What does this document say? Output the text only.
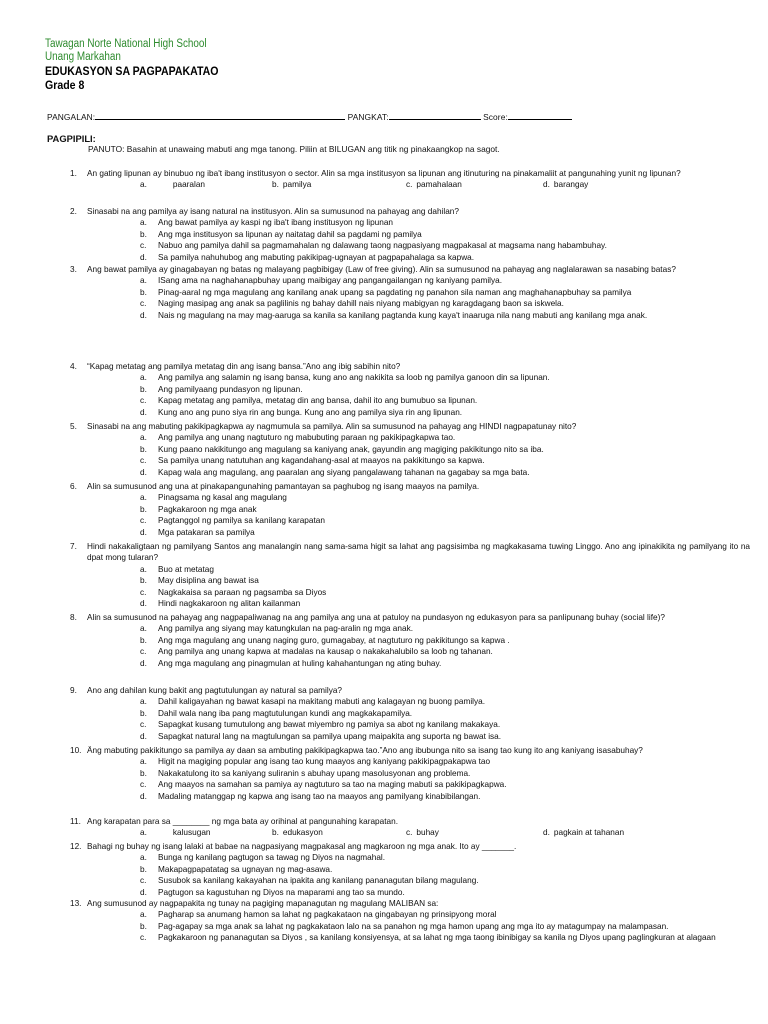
Tawagan Norte National High School
Unang Markahan
EDUKASYON SA PAGPAPAKATAO
Grade 8
PANGALAN:	PANGKAT:	Score:
PAGPIPILI:
PANUTO: Basahin at unawaing mabuti ang mga tanong. Piliin at BILUGAN ang titik ng pinakaangkop na sagot.
1. An gating lipunan ay binubuo ng iba't ibang institusyon o sector. Alin sa mga institusyon sa lipunan ang itinuturing na pinakamaliit at pangunahing yunit ng lipunan?
a.	paaralan	b. pamilya	c. pamahalaan	d. barangay
2. Sinasabi na ang pamilya ay isang natural na institusyon. Alin sa sumusunod na pahayag ang dahilan?
a. Ang bawat pamilya ay kaspi ng iba't ibang institusyon ng lipunan
b. Ang mga institusyon sa lipunan ay naitatag dahil sa pagdami ng pamilya
c. Nabuo ang pamilya dahil sa pagmamahalan ng dalawang taong nagpasiyang magpakasal at magsama nang habambuhay.
d. Sa pamilya nahuhubog ang mabuting pakikipag-ugnayan at pagpapahalaga sa kapwa.
3. Ang bawat pamilya ay ginagabayan ng batas ng malayang pagbibigay (Law of free giving). Alin sa sumusunod na pahayag ang naglalarawan sa nasabing batas?
a. ISang ama na naghahanapbuhay upang maibigay ang pangangailangan ng kaniyang pamilya.
b. Pinag-aaral ng mga magulang ang kanilang anak upang sa pagdating ng panahon sila naman ang maghahanapbuhay sa pamilya
c. Naging masipag ang anak sa paglilinis ng bahay dahill nais niyang mabigyan ng karagdagang baon sa iskwela.
d. Nais ng magulang na may mag-aaruga sa kanila sa kanilang pagtanda kung kaya't inaaruga nila nang mabuti ang kanilang mga anak.
4. “Kapag metatag ang pamilya metatag din ang isang bansa.”Ano ang ibig sabihin nito?
a. Ang pamilya ang salamin ng isang bansa, kung ano ang nakikita sa loob ng pamilya ganoon din sa lipunan.
b. Ang pamilyaang pundasyon ng lipunan.
c. Kapag metatag ang pamilya, metatag din ang bansa, dahil ito ang bumubuo sa lipunan.
d. Kung ano ang puno siya rin ang bunga. Kung ano ang pamilya siya rin ang lipunan.
5. Sinasabi na ang mabuting pakikipagkapwa ay nagmumula sa pamilya. Alin sa sumusunod na pahayag ang HINDI nagpapatunay nito?
a. Ang pamilya ang unang nagtuturo ng mabubuting paraan ng pakikipagkapwa tao.
b. Kung paano nakikitungo ang magulang sa kaniyang anak, gayundin ang magiging pakikitungo nito sa iba.
c. Sa pamilya unang natutuhan ang kagandahang-asal at maayos na pakikitungo sa kapwa.
d. Kapag wala ang magulang, ang paaralan ang siyang pangalawang tahanan na gagabay sa mga bata.
6. Alin sa sumusunod ang una at pinakapangunahing pamantayan sa paghubog ng isang maayos na pamilya.
a. Pinagsama ng kasal ang magulang
b. Pagkakaroon ng mga anak
c. Pagtanggol ng pamilya sa kanilang karapatan
d. Mga patakaran sa pamilya
7. Hindi nakakaligtaan ng pamilyang Santos ang manalangin nang sama-sama higit sa lahat ang pagsisimba ng magkakasama tuwing Linggo. Ano ang ipinakikita ng pamilyang ito na dpat mong tularan?
a. Buo at metatag
b. May disiplina ang bawat isa
c. Nagkakaisa sa paraan ng pagsamba sa Diyos
d. Hindi nagkakaroon ng alitan kailanman
8. Alin sa sumusunod na pahayag ang nagpapaliwanag na ang pamilya ang una at patuloy na pundasyon ng edukasyon para sa panlipunang buhay (social life)?
a. Ang pamilya ang siyang may katungkulan na pag-aralin ng mga anak.
b. Ang mga magulang ang unang naging guro, gumagabay, at nagtuturo ng pakikitungo sa kapwa .
c. Ang pamilya ang unang kapwa at madalas na kausap o nakakahalubilo sa loob ng tahanan.
d. Ang mga magulang ang pinagmulan at huling kahahantungan ng ating buhay.
9. Ano ang dahilan kung bakit ang pagtutulungan ay natural sa pamilya?
a. Dahil kaligayahan ng bawat kasapi na makitang mabuti ang kalagayan ng buong pamilya.
b. Dahil wala nang iba pang magtutulungan kundi ang magkakapamilya.
c. Sapagkat kusang tumutulong ang bawat miyembro ng pamiya sa abot ng kanilang makakaya.
d. Sapagkat natural lang na magtulungan sa pamilya upang maipakita ang suporta ng bawat isa.
10. Äng mabuting pakikitungo sa pamilya ay daan sa ambuting pakikipagkapwa tao.”Ano ang ibubunga nito sa isang tao kung ito ang kaniyang isasabuhay?
a. Higit na magiging popular ang isang tao kung maayos ang kaniyang pakikipagpakapwa tao
b. Nakakatulong ito sa kaniyang suliranin s abuhay upang masolusyonan ang problema.
c. Ang maayos na samahan sa pamiya ay nagtuturo sa tao na maging mabuti sa pakikipagkapwa.
d. Madaling matanggap ng kapwa ang isang tao na maayos ang pamilyang kinabibilangan.
11. Ang karapatan para sa ________ ng mga bata ay orihinal at pangunahing karapatan.
a.	kalusugan	b. edukasyon	c. buhay	d. pagkain at tahanan
12. Bahagi ng buhay ng isang lalaki at babae na nagpasiyang magpakasal ang magkaroon ng mga anak. Ito ay _______.
a. Bunga ng kanilang pagtugon sa tawag ng Diyos na nagmahal.
b. Makapagpapatatag sa ugnayan ng mag-asawa.
c. Susubok sa kanilang kakayahan na ipakita ang kanilang pananagutan bilang magulang.
d. Pagtugon sa kagustuhan ng Diyos na maparami ang tao sa mundo.
13. Ang sumusunod ay nagpapakita ng tunay na pagiging mapanagutan ng magulang MALIBAN sa:
a. Pagharap sa anumang hamon sa lahat ng pagkakataon na gingabayan ng prinsipyong moral
b. Pag-agapay sa mga anak sa lahat ng pagkakataon lalo na sa panahon ng mga hamon upang ang mga ito ay matagumpay na malampasan.
c. Pagkakaroon ng pananagutan sa Diyos , sa kanilang konsiyensya, at sa lahat ng mga taong ibinibigay sa kanila ng Diyos upang paglingkuran at alagaan
